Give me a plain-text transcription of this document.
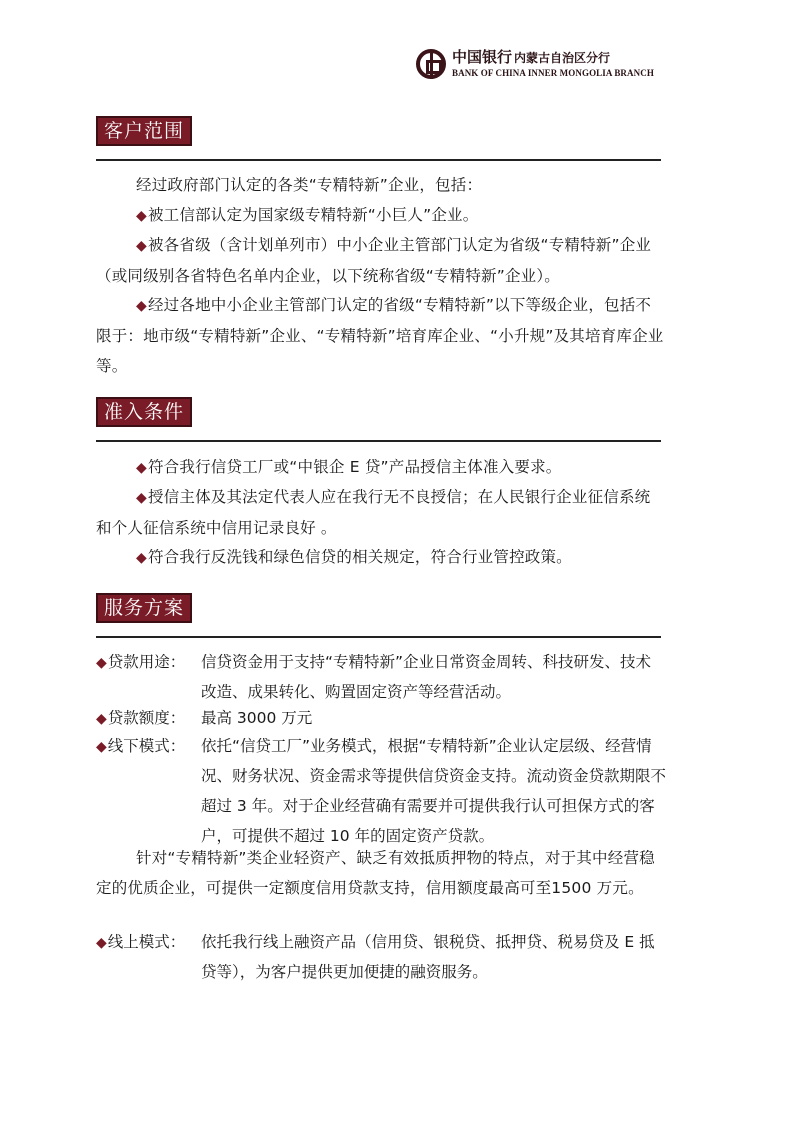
中国银行 内蒙古自治区分行
BANK OF CHINA INNER MONGOLIA BRANCH
客户范围
经过政府部门认定的各类“专精特新”企业，包括：
◆被工信部认定为国家级专精特新“小巨人”企业。
◆被各省级（含计划单列市）中小企业主管部门认定为省级“专精特新”企业（或同级别各省特色名单内企业，以下统称省级“专精特新”企业）。
◆经过各地中小企业主管部门认定的省级“专精特新”以下等级企业，包括不限于：地市级“专精特新”企业、“专精特新”培育库企业、“小升规”及其培育库企业等。
准入条件
◆符合我行信贷工厂或“中银企 E 贷”产品授信主体准入要求。
◆授信主体及其法定代表人应在我行无不良授信；在人民银行企业征信系统和个人征信系统中信用记录良好 。
◆符合我行反洗钱和绿色信贷的相关规定，符合行业管控政策。
服务方案
◆贷款用途：	信贷资金用于支持“专精特新”企业日常资金周转、科技研发、技术改造、成果转化、购置固定资产等经营活动。
◆贷款额度：	最高 3000 万元
◆线下模式：	依托“信贷工厂”业务模式，根据“专精特新”企业认定层级、经营情况、财务状况、资金需求等提供信贷资金支持。流动资金贷款期限不超过 3 年。对于企业经营确有需要并可提供我行认可担保方式的客户，可提供不超过 10 年的固定资产贷款。
针对“专精特新”类企业轻资产、缺乏有效抵质押物的特点，对于其中经营稳定的优质企业，可提供一定额度信用贷款支持，信用额度最高可至1500 万元。
◆线上模式：	依托我行线上融资产品（信用贷、银税贷、抵押贷、税易贷及 E 抵贷等），为客户提供更加便捷的融资服务。
